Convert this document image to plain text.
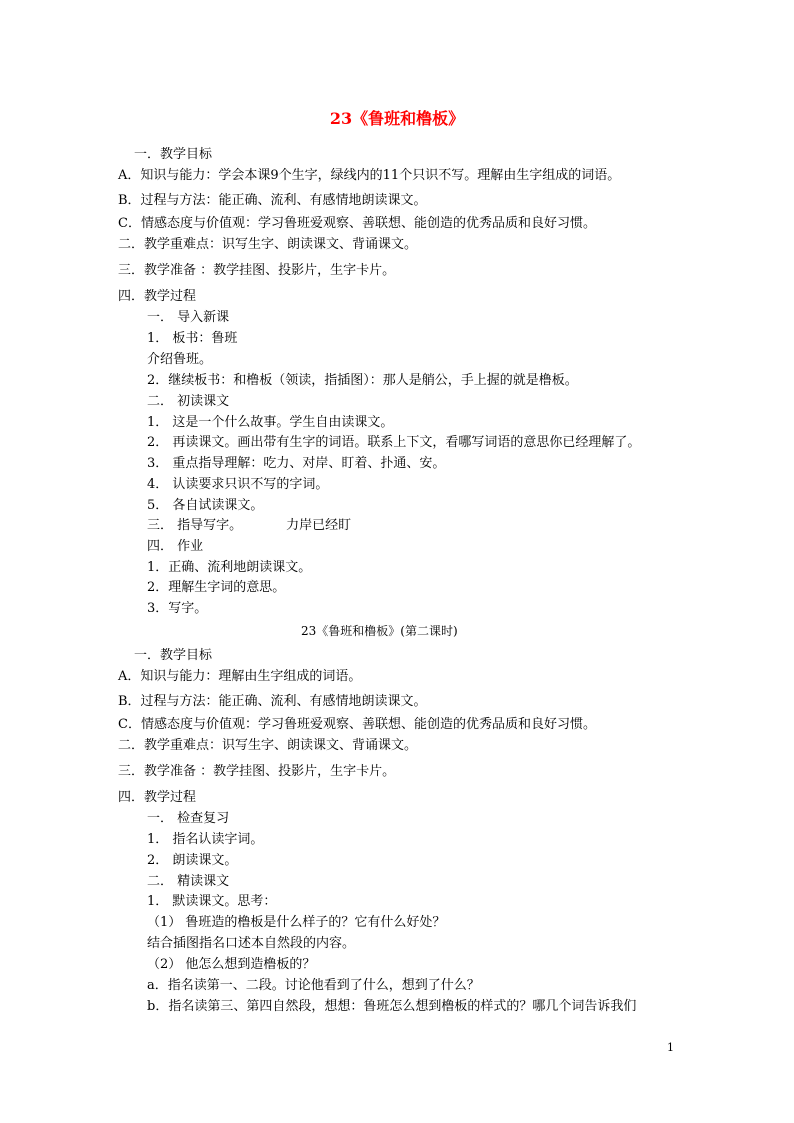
23《鲁班和橹板》
一．教学目标
A．知识与能力：学会本课9个生字，绿线内的11个只识不写。理解由生字组成的词语。
B．过程与方法：能正确、流利、有感情地朗读课文。
C．情感态度与价值观：学习鲁班爱观察、善联想、能创造的优秀品质和良好习惯。
二．教学重难点：识写生字、朗读课文、背诵课文。
三．教学准备 ：教学挂图、投影片，生字卡片。
四．教学过程
一． 导入新课
1． 板书：鲁班
介绍鲁班。
2．继续板书：和橹板（领读，指插图）：那人是艄公，手上握的就是橹板。
二． 初读课文
1． 这是一个什么故事。学生自由读课文。
2． 再读课文。画出带有生字的词语。联系上下文，看哪写词语的意思你已经理解了。
3． 重点指导理解：吃力、对岸、盯着、扑通、安。
4． 认读要求只识不写的字词。
5． 各自试读课文。
三． 指导写字。	力岸已经盯
四． 作业
1．正确、流利地朗读课文。
2．理解生字词的意思。
3．写字。
23《鲁班和橹板》(第二课时)
一．教学目标
A．知识与能力：理解由生字组成的词语。
B．过程与方法：能正确、流利、有感情地朗读课文。
C．情感态度与价值观：学习鲁班爱观察、善联想、能创造的优秀品质和良好习惯。
二．教学重难点：识写生字、朗读课文、背诵课文。
三．教学准备 ：教学挂图、投影片，生字卡片。
四．教学过程
一． 检查复习
1． 指名认读字词。
2． 朗读课文。
二． 精读课文
1． 默读课文。思考：
（1） 鲁班造的橹板是什么样子的？它有什么好处？
结合插图指名口述本自然段的内容。
（2） 他怎么想到造橹板的？
a．指名读第一、二段。讨论他看到了什么，想到了什么？
b．指名读第三、第四自然段，想想：鲁班怎么想到橹板的样式的？哪几个词告诉我们
1
